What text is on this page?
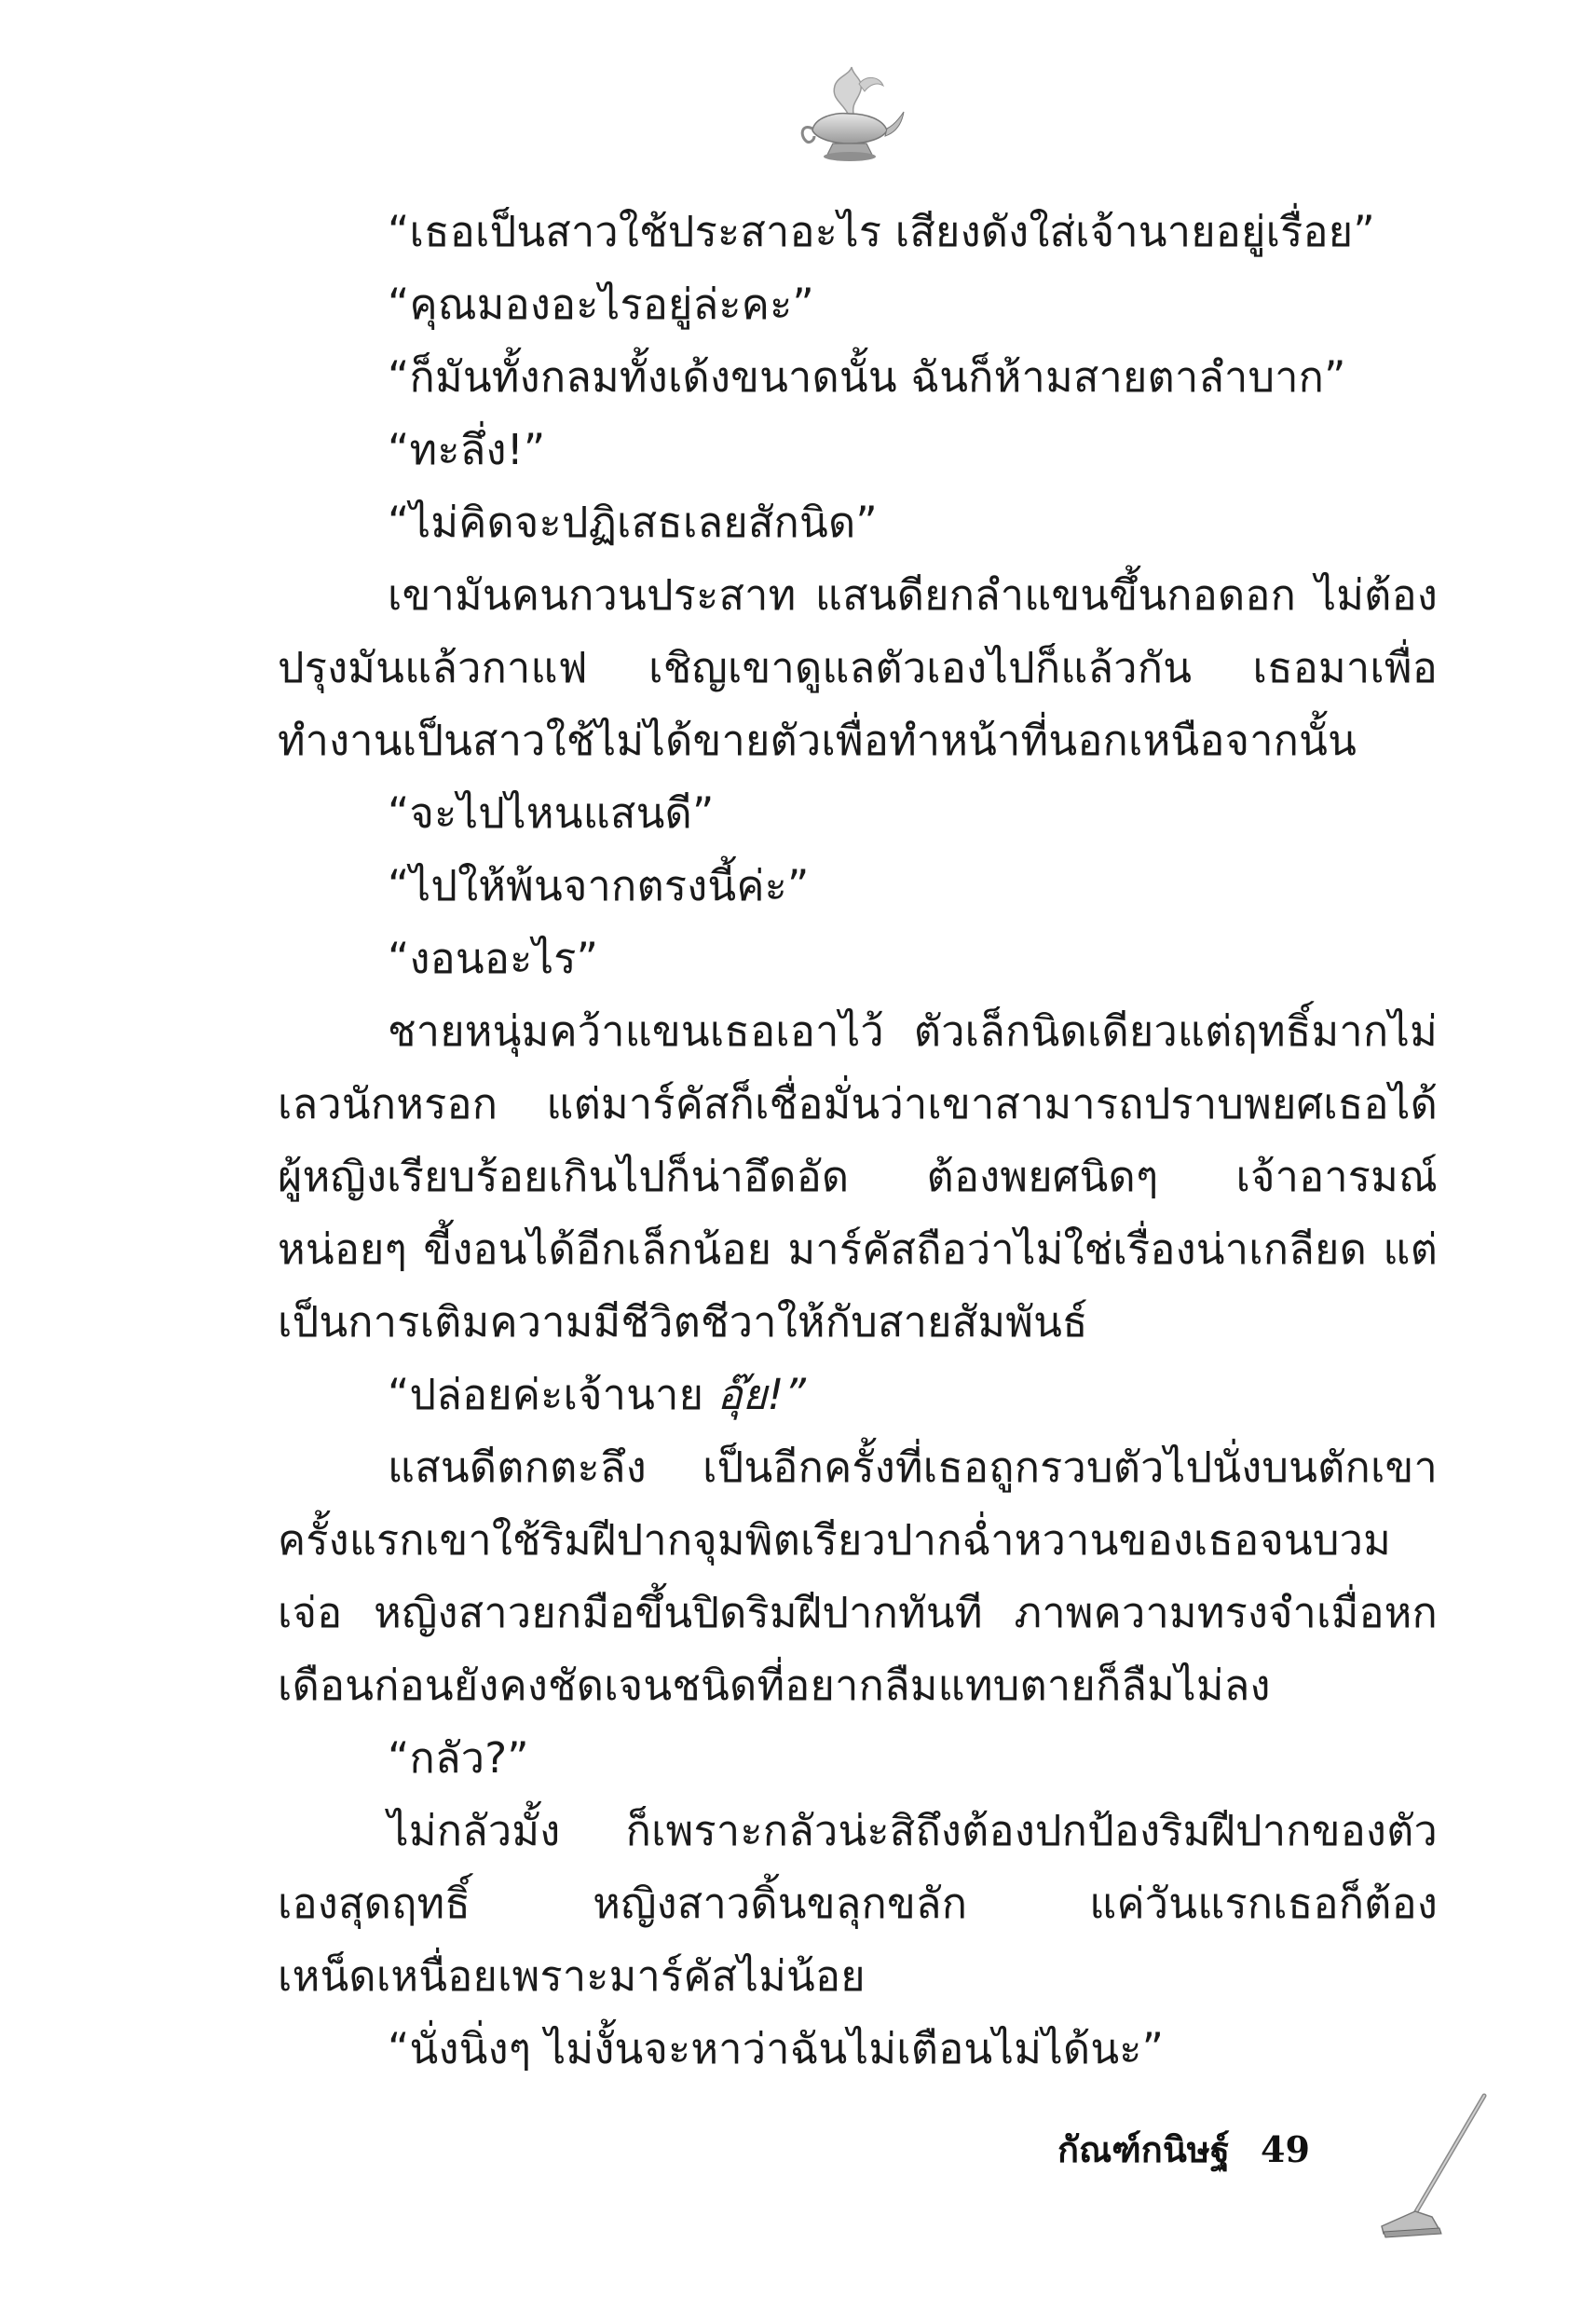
“เธอเป็นสาวใช้ประสาอะไร เสียงดังใส่เจ้านายอยู่เรื่อย”

“คุณมองอะไรอยู่ล่ะคะ”

“ก็มันทั้งกลมทั้งเด้งขนาดนั้น ฉันก็ห้ามสายตาลำบาก”

“ทะลึ่ง!”

“ไม่คิดจะปฏิเสธเลยสักนิด”

เขามันคนกวนประสาท แสนดียกลำแขนขึ้นกอดอก ไม่ต้องปรุงมันแล้วกาแฟ เชิญเขาดูแลตัวเองไปก็แล้วกัน เธอมาเพื่อทำงานเป็นสาวใช้ไม่ได้ขายตัวเพื่อทำหน้าที่นอกเหนือจากนั้น

“จะไปไหนแสนดี”

“ไปให้พ้นจากตรงนี้ค่ะ”

“งอนอะไร”

ชายหนุ่มคว้าแขนเธอเอาไว้ ตัวเล็กนิดเดียวแต่ฤทธิ์มากไม่เลวนักหรอก แต่มาร์คัสก็เชื่อมั่นว่าเขาสามารถปราบพยศเธอได้ ผู้หญิงเรียบร้อยเกินไปก็น่าอึดอัด ต้องพยศนิดๆ เจ้าอารมณ์หน่อยๆ ขี้งอนได้อีกเล็กน้อย มาร์คัสถือว่าไม่ใช่เรื่องน่าเกลียด แต่เป็นการเติมความมีชีวิตชีวาให้กับสายสัมพันธ์

“ปล่อยค่ะเจ้านาย อุ๊ย!”

แสนดีตกตะลึง เป็นอีกครั้งที่เธอถูกรวบตัวไปนั่งบนตักเขา ครั้งแรกเขาใช้ริมฝีปากจุมพิตเรียวปากฉ่ำหวานของเธอจนบวมเจ่อ หญิงสาวยกมือขึ้นปิดริมฝีปากทันที ภาพความทรงจำเมื่อหกเดือนก่อนยังคงชัดเจนชนิดที่อยากลืมแทบตายก็ลืมไม่ลง

“กลัว?”

ไม่กลัวมั้ง ก็เพราะกลัวน่ะสิถึงต้องปกป้องริมฝีปากของตัวเองสุดฤทธิ์ หญิงสาวดิ้นขลุกขลัก แค่วันแรกเธอก็ต้องเหน็ดเหนื่อยเพราะมาร์คัสไม่น้อย

“นั่งนิ่งๆ ไม่งั้นจะหาว่าฉันไม่เตือนไม่ได้นะ”

กัณฑ์กนิษฐ์ 49
